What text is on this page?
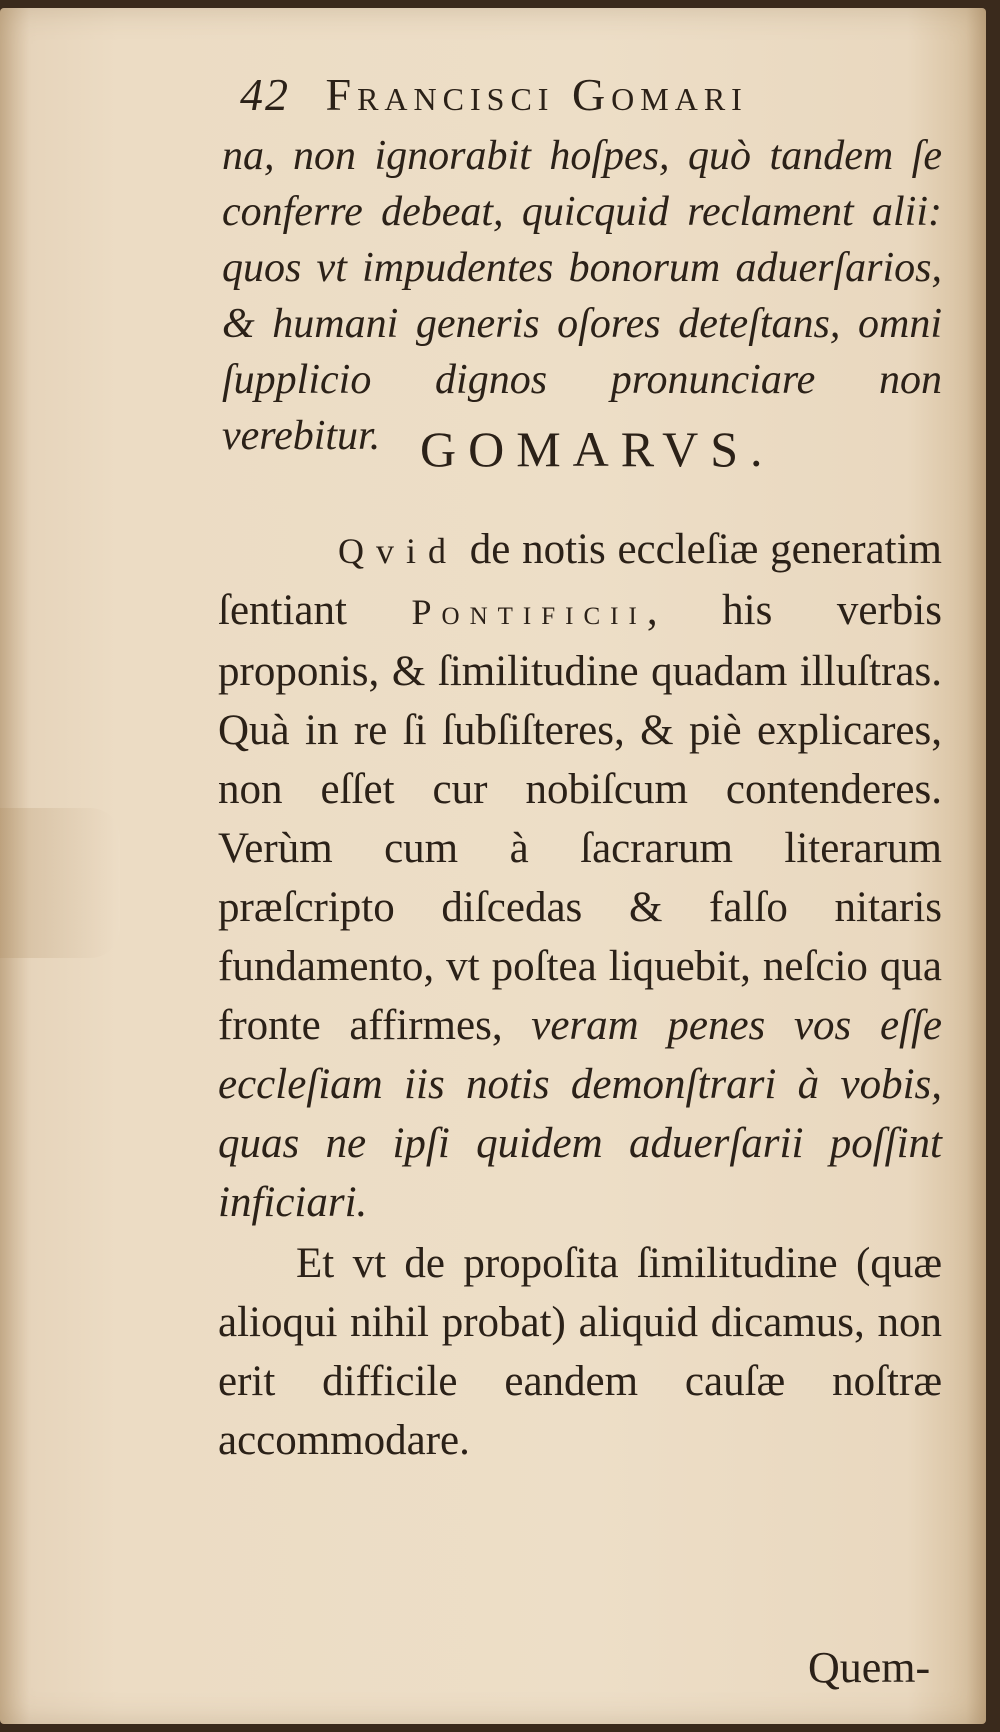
42 Francisci Gomari
na, non ignorabit hoſpes, quò tandem ſe conferre debeat, quicquid reclament alii: quos vt impudentes bonorum aduerſarios, & humani generis oſores deteſtans, omni ſupplicio dignos pronunciare non verebitur. GOMARVS.

Qvid de notis eccleſiæ generatim ſentiant Pontificii, his verbis proponis, & ſimilitudine quadam illuſtras. Quà in re ſi ſubſiſteres, & piè explicares, non eſſet cur nobiſcum contenderes. Verùm cum à ſacrarum literarum præſcripto diſcedas & falſo nitaris fundamento, vt poſtea liquebit, neſcio qua fronte affirmes, veram penes vos eſſe eccleſiam iis notis demonſtrari à vobis, quas ne ipſi quidem aduerſarii poſſint inficiari.

Et vt de propoſita ſimilitudine (quæ alioqui nihil probat) aliquid dicamus, non erit difficile eandem cauſæ noſtræ accommodare.

Quem-
